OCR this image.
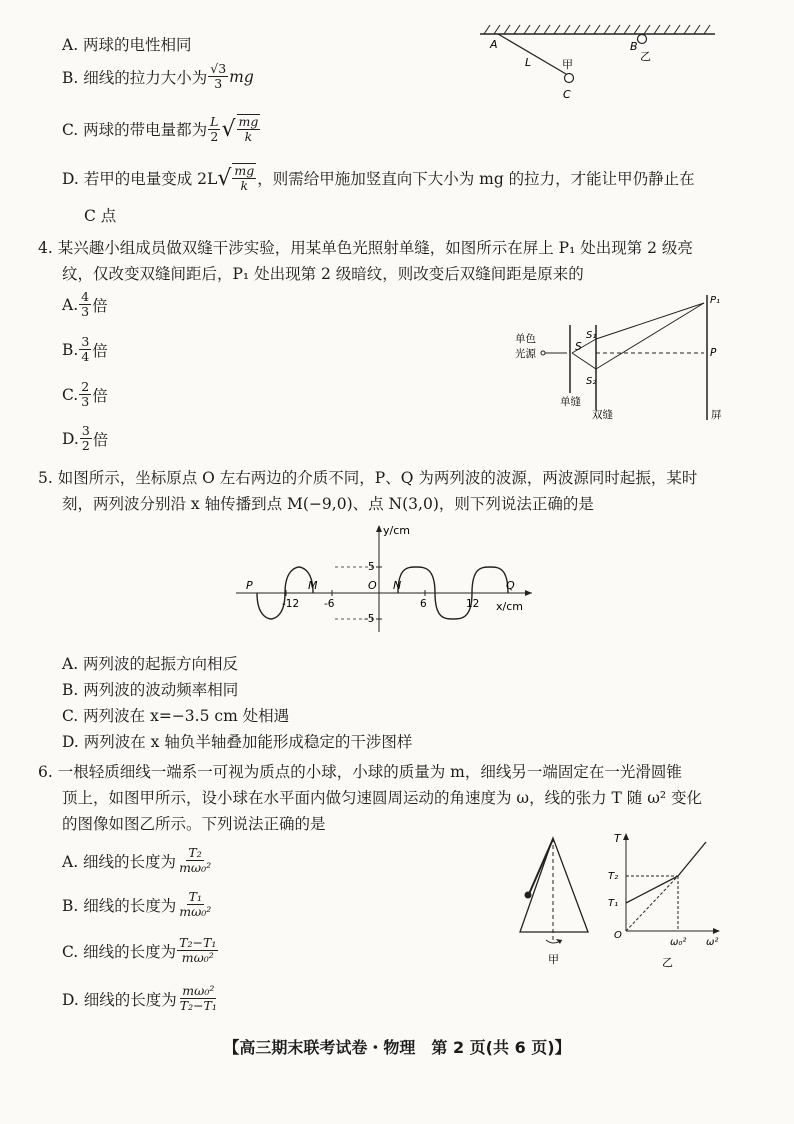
A. 两球的电性相同
B. 细线的拉力大小为 $\frac{√3}{3}$ mg
C. 两球的带电量都为 $\frac{L}{2}$ √ $\frac{mg}{k}$
D. 若甲的电量变成 2L √ $\frac{mg}{k}$ ，则需给甲施加竖直向下大小为 mg 的拉力，才能让甲仍静止在
C 点
A	B
L	甲
乙
C
4. 某兴趣小组成员做双缝干涉实验，用某单色光照射单缝，如图所示在屏上 P₁ 处出现第 2 级亮
纹，仅改变双缝间距后，P₁ 处出现第 2 级暗纹，则改变后双缝间距是原来的
A. $\frac{4}{3}$ 倍
B. $\frac{3}{4}$ 倍
C. $\frac{2}{3}$ 倍
D. $\frac{3}{2}$ 倍
单色
光源
S
S₁
S₂
P₁
P
单缝
双缝	屏
5. 如图所示，坐标原点 O 左右两边的介质不同，P、Q 为两列波的波源，两波源同时起振，某时
刻，两列波分别沿 x 轴传播到点 M(−9,0)、点 N(3,0)，则下列说法正确的是
y/cm
x/cm
5
-5
-12 -6	6	12
P	M	O N	Q
A. 两列波的起振方向相反
B. 两列波的波动频率相同
C. 两列波在 x=−3.5 cm 处相遇
D. 两列波在 x 轴负半轴叠加能形成稳定的干涉图样
6. 一根轻质细线一端系一可视为质点的小球，小球的质量为 m，细线另一端固定在一光滑圆锥
顶上，如图甲所示，设小球在水平面内做匀速圆周运动的角速度为 ω，线的张力 T 随 ω² 变化
的图像如图乙所示。下列说法正确的是
A. 细线的长度为 $\frac{\text{T₂}}{\text{mω₀²}}$
B. 细线的长度为 $\frac{\text{T₁}}{\text{mω₀²}}$
C. 细线的长度为 $\frac{\text{T₂−T₁}}{\text{mω₀²}}$
D. 细线的长度为 $\frac{\text{mω₀²}}{\text{T₂−T₁}}$
甲
T
T₂
T₁
O
ω₀² ω²
乙
【高三期末联考试卷・物理　第 2 页(共 6 页)】
